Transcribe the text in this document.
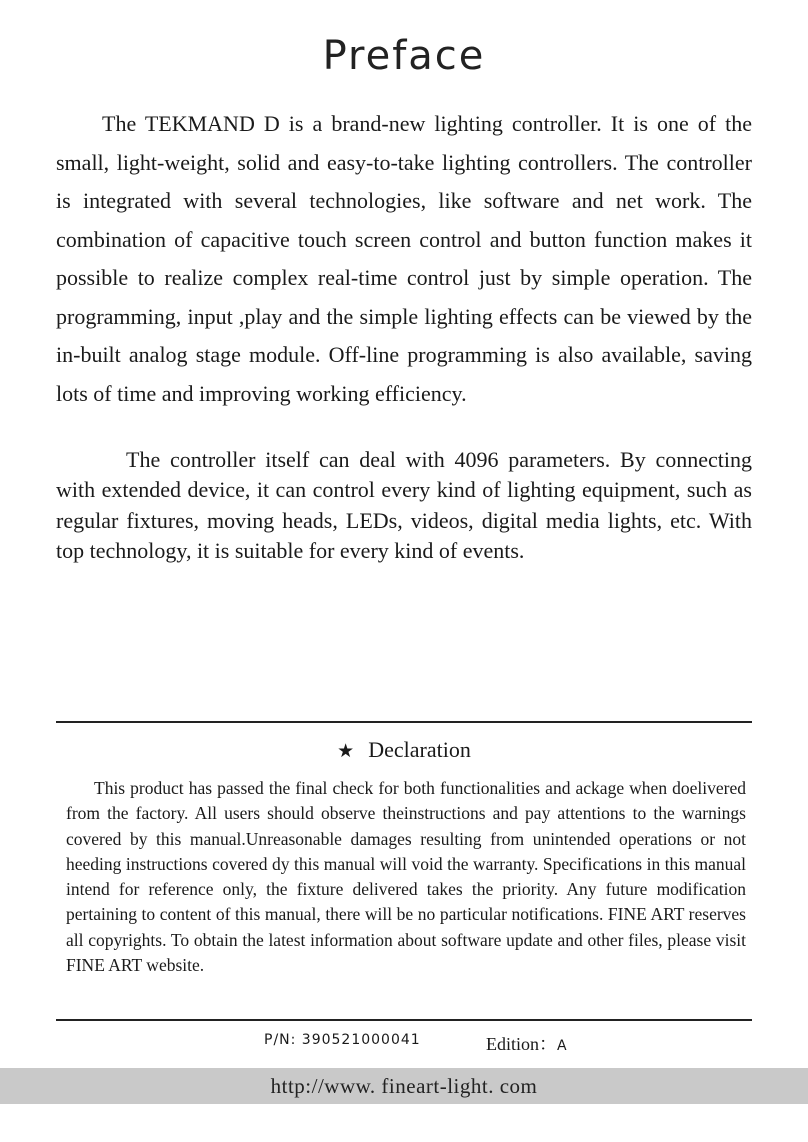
Preface

The TEKMAND D is a brand-new lighting controller. It is one of the small, light-weight, solid and easy-to-take lighting controllers. The controller is integrated with several technologies, like software and net work. The combination of capacitive touch screen control and button function makes it possible to realize complex real-time control just by simple operation. The programming, input ,play and the simple lighting effects can be viewed by the in-built analog stage module. Off-line programming is also available, saving lots of time and improving working efficiency.

The controller itself can deal with 4096 parameters. By connecting with extended device, it can control every kind of lighting equipment, such as regular fixtures, moving heads, LEDs, videos, digital media lights, etc. With top technology, it is suitable for every kind of events.

★ Declaration

This product has passed the final check for both functionalities and ackage when doelivered from the factory. All users should observe theinstructions and pay attentions to the warnings covered by this manual.Unreasonable damages resulting from unintended operations or not heeding instructions covered dy this manual will void the warranty. Specifications in this manual intend for reference only, the fixture delivered takes the priority. Any future modification pertaining to content of this manual, there will be no particular notifications. FINE ART reserves all copyrights. To obtain the latest information about software update and other files, please visit FINE ART website.

P/N: 390521000041	Edition：A
http://www. fineart-light. com
